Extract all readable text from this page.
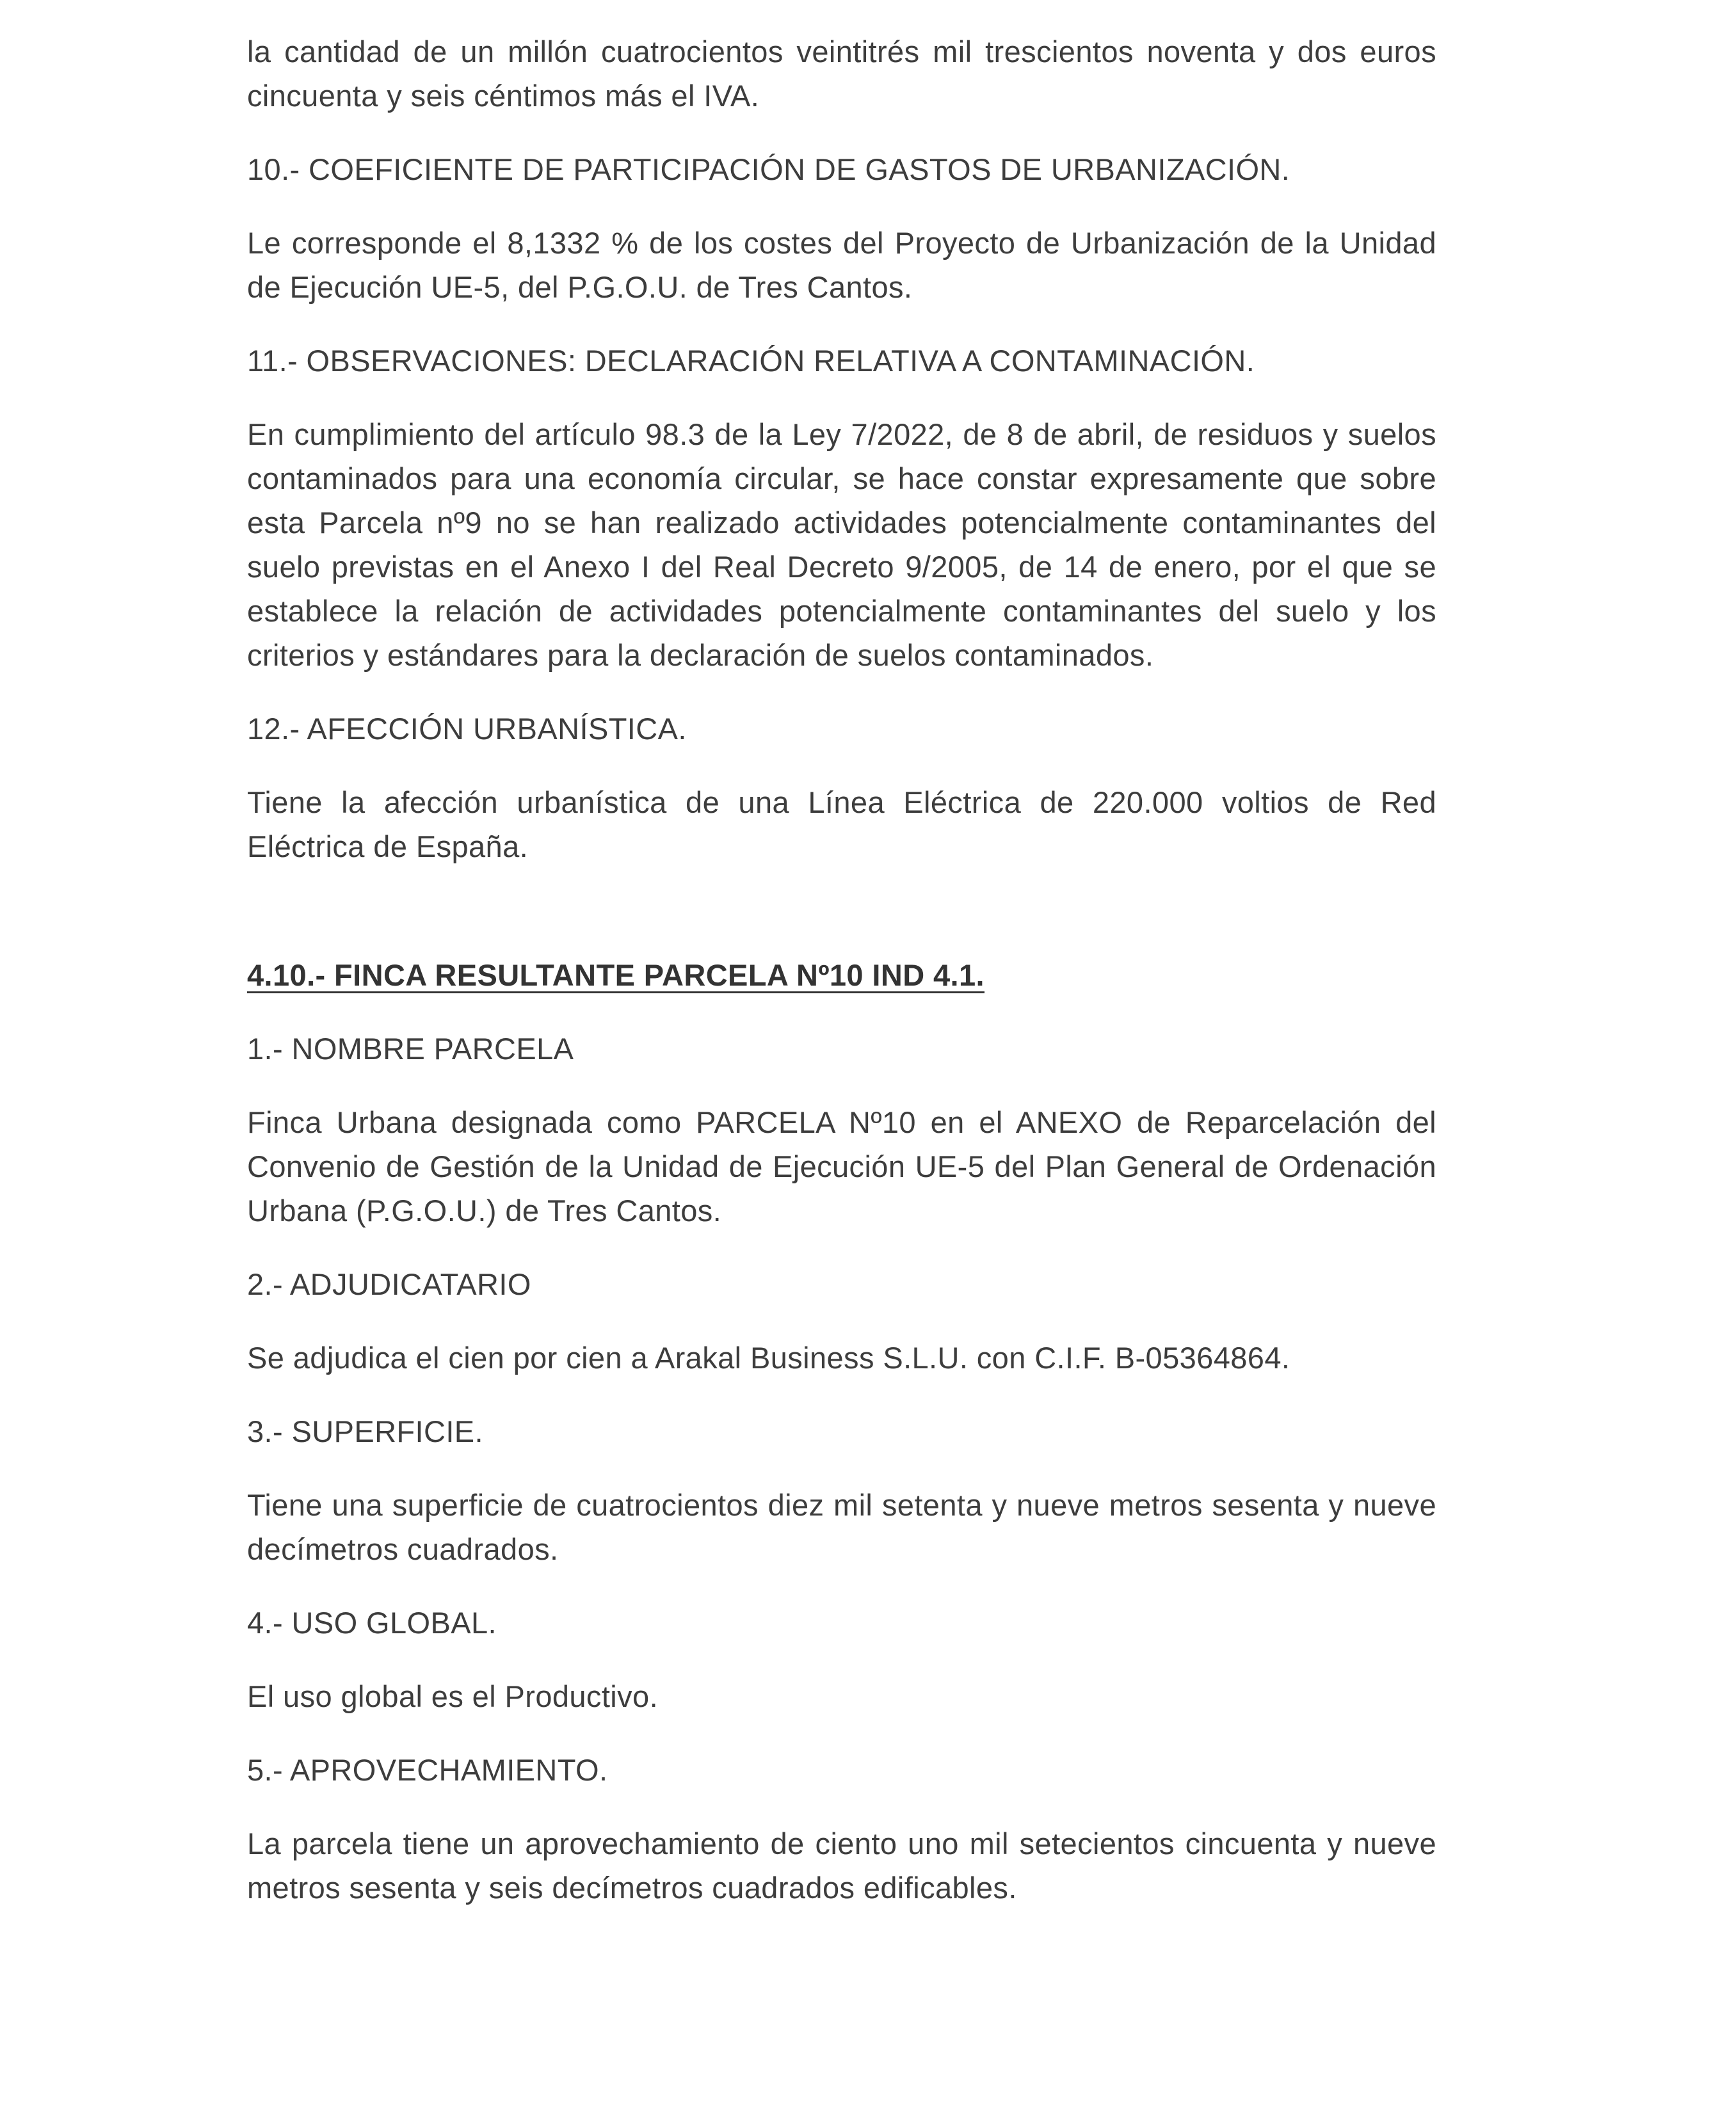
la cantidad de un millón cuatrocientos veintitrés mil trescientos noventa y dos euros cincuenta y seis céntimos más el IVA.

10.- COEFICIENTE DE PARTICIPACIÓN DE GASTOS DE URBANIZACIÓN.

Le corresponde el 8,1332 % de los costes del Proyecto de Urbanización de la Unidad de Ejecución UE-5, del P.G.O.U. de Tres Cantos.

11.- OBSERVACIONES: DECLARACIÓN RELATIVA A CONTAMINACIÓN.

En cumplimiento del artículo 98.3 de la Ley 7/2022, de 8 de abril, de residuos y suelos contaminados para una economía circular, se hace constar expresamente que sobre esta Parcela nº9 no se han realizado actividades potencialmente contaminantes del suelo previstas en el Anexo I del Real Decreto 9/2005, de 14 de enero, por el que se establece la relación de actividades potencialmente contaminantes del suelo y los criterios y estándares para la declaración de suelos contaminados.

12.- AFECCIÓN URBANÍSTICA.

Tiene la afección urbanística de una Línea Eléctrica de 220.000 voltios de Red Eléctrica de España.

4.10.- FINCA RESULTANTE PARCELA Nº10 IND 4.1.

1.- NOMBRE PARCELA

Finca Urbana designada como PARCELA Nº10 en el ANEXO de Reparcelación del Convenio de Gestión de la Unidad de Ejecución UE-5 del Plan General de Ordenación Urbana (P.G.O.U.) de Tres Cantos.

2.- ADJUDICATARIO

Se adjudica el cien por cien a Arakal Business S.L.U. con C.I.F. B-05364864.

3.- SUPERFICIE.

Tiene una superficie de cuatrocientos diez mil setenta y nueve metros sesenta y nueve decímetros cuadrados.

4.- USO GLOBAL.

El uso global es el Productivo.

5.- APROVECHAMIENTO.

La parcela tiene un aprovechamiento de ciento uno mil setecientos cincuenta y nueve metros sesenta y seis decímetros cuadrados edificables.
